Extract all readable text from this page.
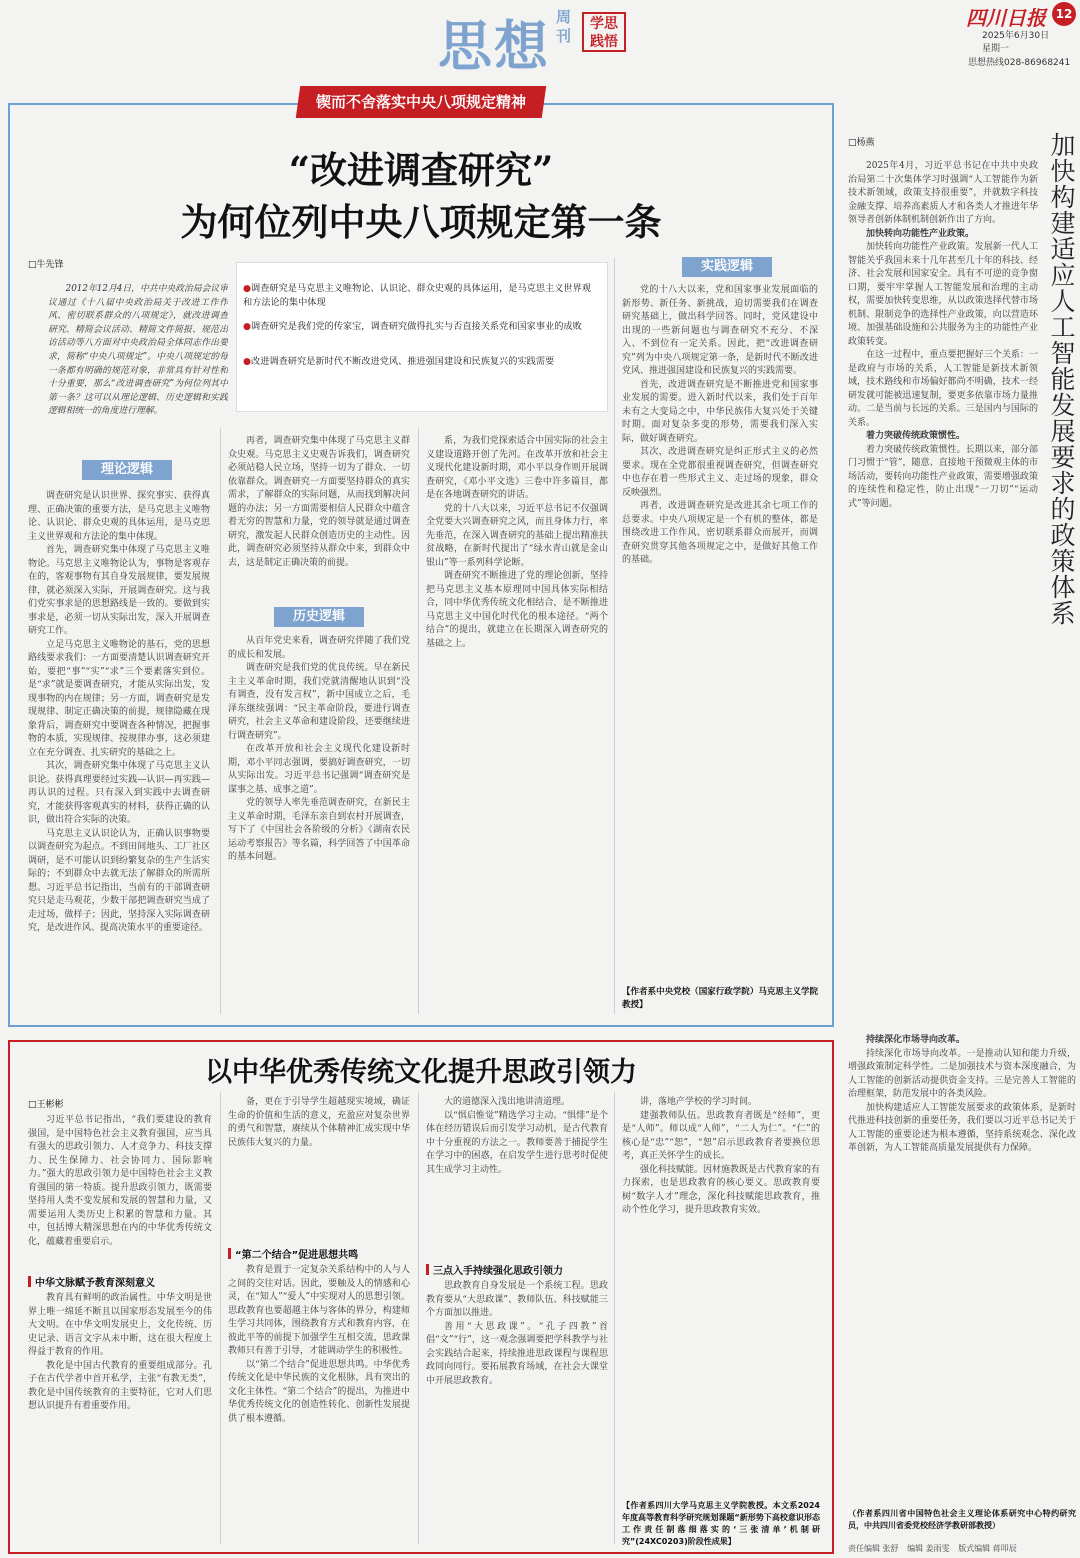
思想 周刊
学思
践悟
四川日报 12
2025年6月30日
星期一
思想热线028-86968241
锲而不舍落实中央八项规定精神
“改进调查研究”
为何位列中央八项规定第一条
□牛先锋

2012年12月4日，中共中央政治局会议审议通过《十八届中央政治局关于改进工作作风、密切联系群众的八项规定》，就改进调查研究、精简会议活动、精简文件简报、规范出访活动等八方面对中央政治局全体同志作出要求，简称“中央八项规定”。中央八项规定的每一条都有明确的规范对象，非常具有针对性和十分重要，那么“改进调查研究”为何位列其中第一条？这可以从理论逻辑、历史逻辑和实践逻辑相统一的角度进行理解。

●调查研究是马克思主义唯物论、认识论、群众史观的具体运用，是马克思主义世界观和方法论的集中体现
●调查研究是我们党的传家宝，调查研究做得扎实与否直接关系党和国家事业的成败
●改进调查研究是新时代不断改进党风、推进强国建设和民族复兴的实践需要
理论逻辑
历史逻辑
实践逻辑

调查研究是认识世界、探究事实、获得真理、正确决策的重要方法，是马克思主义唯物论、认识论、群众史观的具体运用，是马克思主义世界观和方法论的集中体现。

首先，调查研究集中体现了马克思主义唯物论。马克思主义唯物论认为，事物是客观存在的，客观事物有其自身发展规律，要发展规律，就必须深入实际，开展调查研究。这与我们党实事求是的思想路线是一致的。要做到实事求是，必须一切从实际出发，深入开展调查研究工作。

立足马克思主义唯物论的基石，党的思想路线要求我们：一方面要清楚认识调查研究开始，要把“事”“实”“求”三个要素落实到位。是“求”就是要调查研究，才能从实际出发，发现事物的内在规律；另一方面，调查研究是发现规律、制定正确决策的前提，规律隐藏在现象背后，调查研究中要调查各种情况，把握事物的本质，实现规律、按规律办事，这必须建立在充分调查、扎实研究的基础之上。

其次，调查研究集中体现了马克思主义认识论。获得真理要经过实践—认识—再实践—再认识的过程。只有深入到实践中去调查研究，才能获得客观真实的材料，获得正确的认识，做出符合实际的决策。

马克思主义认识论认为，正确认识事物要以调查研究为起点。不到田间地头、工厂社区调研，是不可能认识到纷繁复杂的生产生活实际的；不到群众中去就无法了解群众的所需所想。习近平总书记指出，当前有的干部调查研究只是走马观花，少数干部把调查研究当成了走过场，做样子；因此，坚持深入实际调查研究，是改进作风、提高决策水平的重要途径。

再者，调查研究集中体现了马克思主义群众史观。马克思主义史观告诉我们，调查研究必须站稳人民立场，坚持一切为了群众、一切依靠群众。调查研究一方面要坚持群众的真实需求，了解群众的实际问题，从而找到解决问题的办法；另一方面需要相信人民群众中蕴含着无穷的智慧和力量，党的领导就是通过调查研究，激发起人民群众创造历史的主动性。因此，调查研究必须坚持从群众中来，到群众中去，这是制定正确决策的前提。

从百年党史来看，调查研究伴随了我们党的成长和发展。

调查研究是我们党的优良传统。早在新民主主义革命时期，我们党就清醒地认识到“没有调查，没有发言权”，新中国成立之后，毛泽东继续强调：“民主革命阶段，要进行调查研究，社会主义革命和建设阶段，还要继续进行调查研究”。

在改革开放和社会主义现代化建设新时期，邓小平同志强调，要搞好调查研究，一切从实际出发。习近平总书记强调“调查研究是谋事之基、成事之道”。

党的领导人率先垂范调查研究，在新民主主义革命时期，毛泽东亲自到农村开展调查，写下了《中国社会各阶级的分析》《湖南农民运动考察报告》等名篇，科学回答了中国革命的基本问题。

系，为我们党探索适合中国实际的社会主义建设道路开创了先河。在改革开放和社会主义现代化建设新时期，邓小平以身作则开展调查研究，《邓小平文选》三卷中许多篇目，都是在各地调查研究的讲话。

党的十八大以来，习近平总书记不仅强调全党要大兴调查研究之风，而且身体力行，率先垂范，在深入调查研究的基础上提出精准扶贫战略，在新时代提出了“绿水青山就是金山银山”等一系列科学论断。

调查研究不断推进了党的理论创新，坚持把马克思主义基本原理同中国具体实际相结合，同中华优秀传统文化相结合，是不断推进马克思主义中国化时代化的根本途径。“两个结合”的提出，就建立在长期深入调查研究的基础之上。

党的十八大以来，党和国家事业发展面临的新形势、新任务、新挑战，迫切需要我们在调查研究基础上，做出科学回答。同时，党风建设中出现的一些新问题也与调查研究不充分、不深入、不到位有一定关系。因此，把“改进调查研究”列为中央八项规定第一条，是新时代不断改进党风、推进强国建设和民族复兴的实践需要。

首先，改进调查研究是不断推进党和国家事业发展的需要。进入新时代以来，我们处于百年未有之大变局之中，中华民族伟大复兴处于关键时期。面对复杂多变的形势，需要我们深入实际，做好调查研究。

其次，改进调查研究是纠正形式主义的必然要求。现在全党都很重视调查研究，但调查研究中也存在着一些形式主义、走过场的现象，群众反映强烈。

再者，改进调查研究是改进其余七项工作的总要求。中央八项规定是一个有机的整体，都是围绕改进工作作风、密切联系群众而展开，而调查研究贯穿其他各项规定之中，是做好其他工作的基础。

【作者系中央党校（国家行政学院）马克思主义学院教授】
以中华优秀传统文化提升思政引领力
□王彬彬

习近平总书记指出，“我们要建设的教育强国，是中国特色社会主义教育强国，应当具有强大的思政引领力、人才竞争力、科技支撑力、民生保障力、社会协同力、国际影响力。”强大的思政引领力是中国特色社会主义教育强国的第一特质。提升思政引领力，既需要坚持用人类不变发展和发展的智慧和力量，又需要运用人类历史上积累的智慧和力量。其中，包括博大精深思想在内的中华优秀传统文化，蕴藏着重要启示。

中华文脉赋予教育深刻意义

教育具有鲜明的政治属性。中华文明是世界上唯一绵延不断且以国家形态发展至今的伟大文明。在中华文明发展史上，文化传统、历史记录、语言文字从未中断，这在很大程度上得益于教育的作用。

教化是中国古代教育的重要组成部分。孔子在古代学者中首开私学，主张“有教无类”，教化是中国传统教育的主要特征，它对人们思想认识提升有着重要作用。

备，更在于引导学生超越现实境域，确证生命的价值和生活的意义，充盈应对复杂世界的勇气和智慧，赓续从个体精神汇成实现中华民族伟大复兴的力量。

“第二个结合”促进思想共鸣

教育是置于一定复杂关系结构中的人与人之间的交往对话。因此，要触及人的情感和心灵，在“知人”“爱人”中实现对人的思想引领。思政教育也要超越主体与客体的界分，构建师生学习共同体，围绕教育方式和教育内容，在彼此平等的前提下加强学生互相交流，思政课教师只有善于引导，才能调动学生的积极性。

以“第二个结合”促进思想共鸣。中华优秀传统文化是中华民族的文化根脉，具有突出的文化主体性。“第二个结合”的提出，为推进中华优秀传统文化的创造性转化、创新性发展提供了根本遵循。

大的道德深入浅出地讲清道理。

以“惧启惟觉”精选学习主动。“惧悱”是个体在经历错误后而引发学习动机，是古代教育中十分重视的方法之一。教师要善于捕捉学生在学习中的困惑，在启发学生进行思考时促使其生成学习主动性。

三点入手持续强化思政引领力

思政教育自身发展是一个系统工程。思政教育要从“大思政课”、教师队伍、科技赋能三个方面加以推进。

善用“大思政课”。“孔子四教”首倡“文”“行”，这一观念强调要把学科教学与社会实践结合起来，持续推进思政课程与课程思政同向同行。要拓展教育场域，在社会大课堂中开展思政教育。

讲，落地产学校的学习时间。

建强教师队伍。思政教育者既是“经师”，更是“人师”。师以成“人师”，“二人为仁”。“仁”的核心是“忠”“恕”，“恕”启示思政教育者要换位思考，真正关怀学生的成长。

强化科技赋能。因材施教既是古代教育家的有力探索，也是思政教育的核心要义。思政教育要树“数字人才”理念，深化科技赋能思政教育，推动个性化学习，提升思政教育实效。

【作者系四川大学马克思主义学院教授。本文系2024年度高等教育科学研究规划课题“新形势下高校意识形态工作责任制落细落实的‘三张清单’机制研究”(24XC0203)阶段性成果】
□杨燕	加快构建适应人工智能发展要求的政策体系

2025年4月，习近平总书记在中共中央政治局第二十次集体学习时强调“人工智能作为新技术新领域，政策支持很重要”，并就数字科技金融支撑、培养高素质人才和各类人才推进年华领导者创新体制机制创新作出了方向。

加快转向功能性产业政策。

加快转向功能性产业政策。发展新一代人工智能关乎我国未来十几年甚至几十年的科技、经济、社会发展和国家安全。具有不可逆的竞争窗口期，要牢牢掌握人工智能发展和治理的主动权，需要加快转变思维，从以政策选择代替市场机制、限制竞争的选择性产业政策，向以营造环境、加强基础设施和公共服务为主的功能性产业政策转变。

在这一过程中，重点要把握好三个关系：一是政府与市场的关系，人工智能是新技术新领域，技术路线和市场偏好都尚不明确，技术一经研发就可能被迅速复制，要更多依靠市场力量推动。二是当前与长远的关系。三是国内与国际的关系。

着力突破传统政策惯性。

着力突破传统政策惯性。长期以来，部分部门习惯于“管”，随意、直接地干预微观主体的市场活动，要转向功能性产业政策，需要增强政策的连续性和稳定性，防止出现“一刀切”“运动式”等问题。

持续深化市场导向改革。

持续深化市场导向改革。一是推动认知和能力升级，增强政策制定科学性。二是加强技术与资本深度融合，为人工智能的创新活动提供资金支持。三是完善人工智能的治理框架，防范发展中的各类风险。

加快构建适应人工智能发展要求的政策体系，是新时代推进科技创新的重要任务，我们要以习近平总书记关于人工智能的重要论述为根本遵循，坚持系统观念、深化改革创新，为人工智能高质量发展提供有力保障。

（作者系四川省中国特色社会主义理论体系研究中心特约研究员，中共四川省委党校经济学教研部教授）
责任编辑 张舒 编辑 姜雨雯 版式编辑 蒋叩辰
